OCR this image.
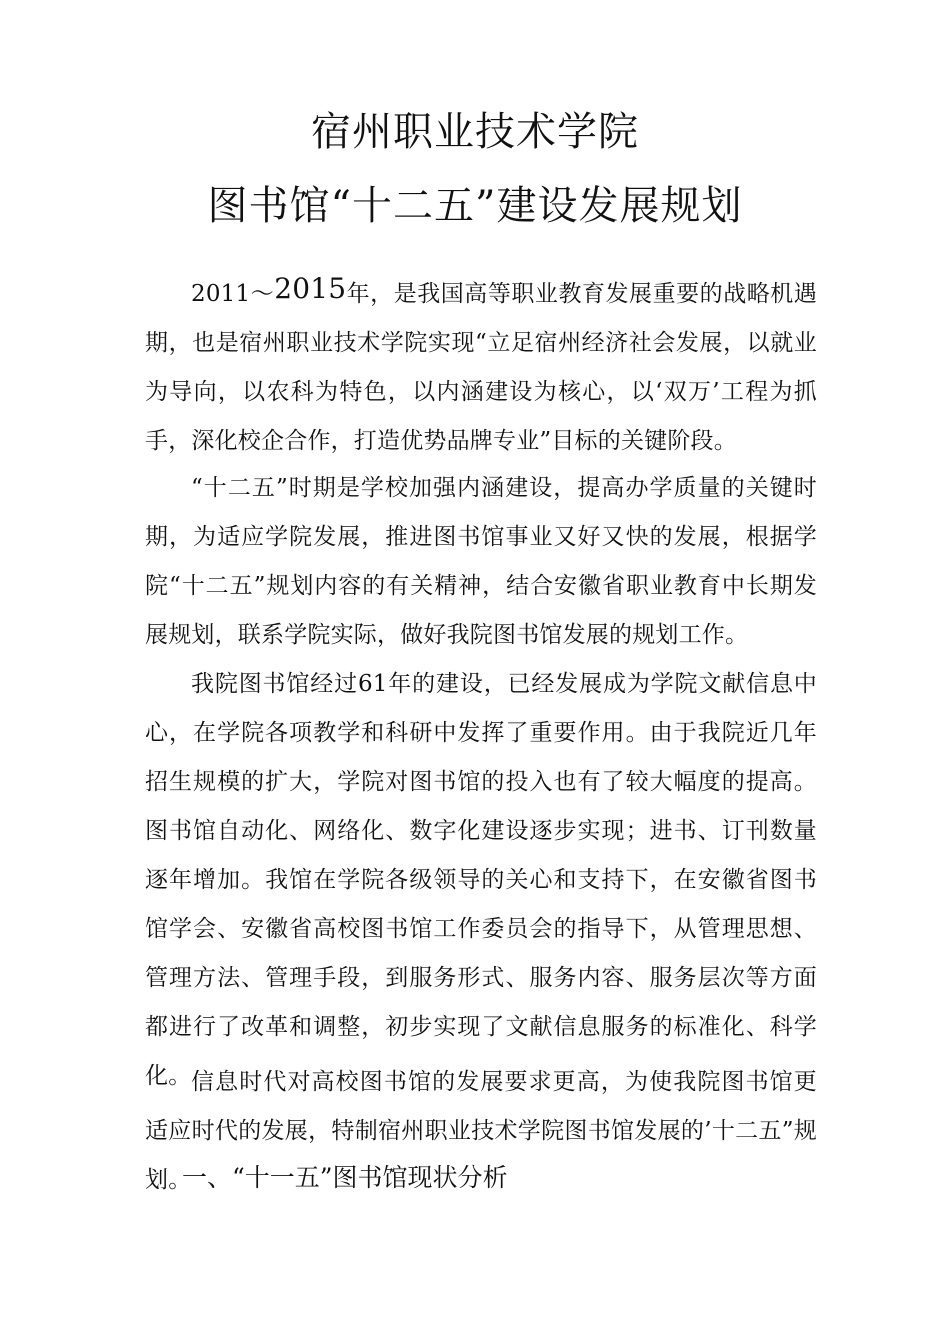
宿州职业技术学院
图书馆“十二五”建设发展规划

2011～2015年，是我国高等职业教育发展重要的战略机遇期，也是宿州职业技术学院实现“立足宿州经济社会发展，以就业为导向，以农科为特色，以内涵建设为核心，以‘双万’工程为抓手，深化校企合作，打造优势品牌专业”目标的关键阶段。

“十二五”时期是学校加强内涵建设，提高办学质量的关键时期，为适应学院发展，推进图书馆事业又好又快的发展，根据学院“十二五”规划内容的有关精神，结合安徽省职业教育中长期发展规划，联系学院实际，做好我院图书馆发展的规划工作。

我院图书馆经过61年的建设，已经发展成为学院文献信息中心，在学院各项教学和科研中发挥了重要作用。由于我院近几年招生规模的扩大，学院对图书馆的投入也有了较大幅度的提高。图书馆自动化、网络化、数字化建设逐步实现；进书、订刊数量逐年增加。我馆在学院各级领导的关心和支持下，在安徽省图书馆学会、安徽省高校图书馆工作委员会的指导下，从管理思想、管理方法、管理手段，到服务形式、服务内容、服务层次等方面都进行了改革和调整，初步实现了文献信息服务的标准化、科学化。 信息时代对高校图书馆的发展要求更高，为使我院图书馆更适应时代的发展，特制宿州职业技术学院图书馆发展的’十二五”规划。

一、“十一五”图书馆现状分析
